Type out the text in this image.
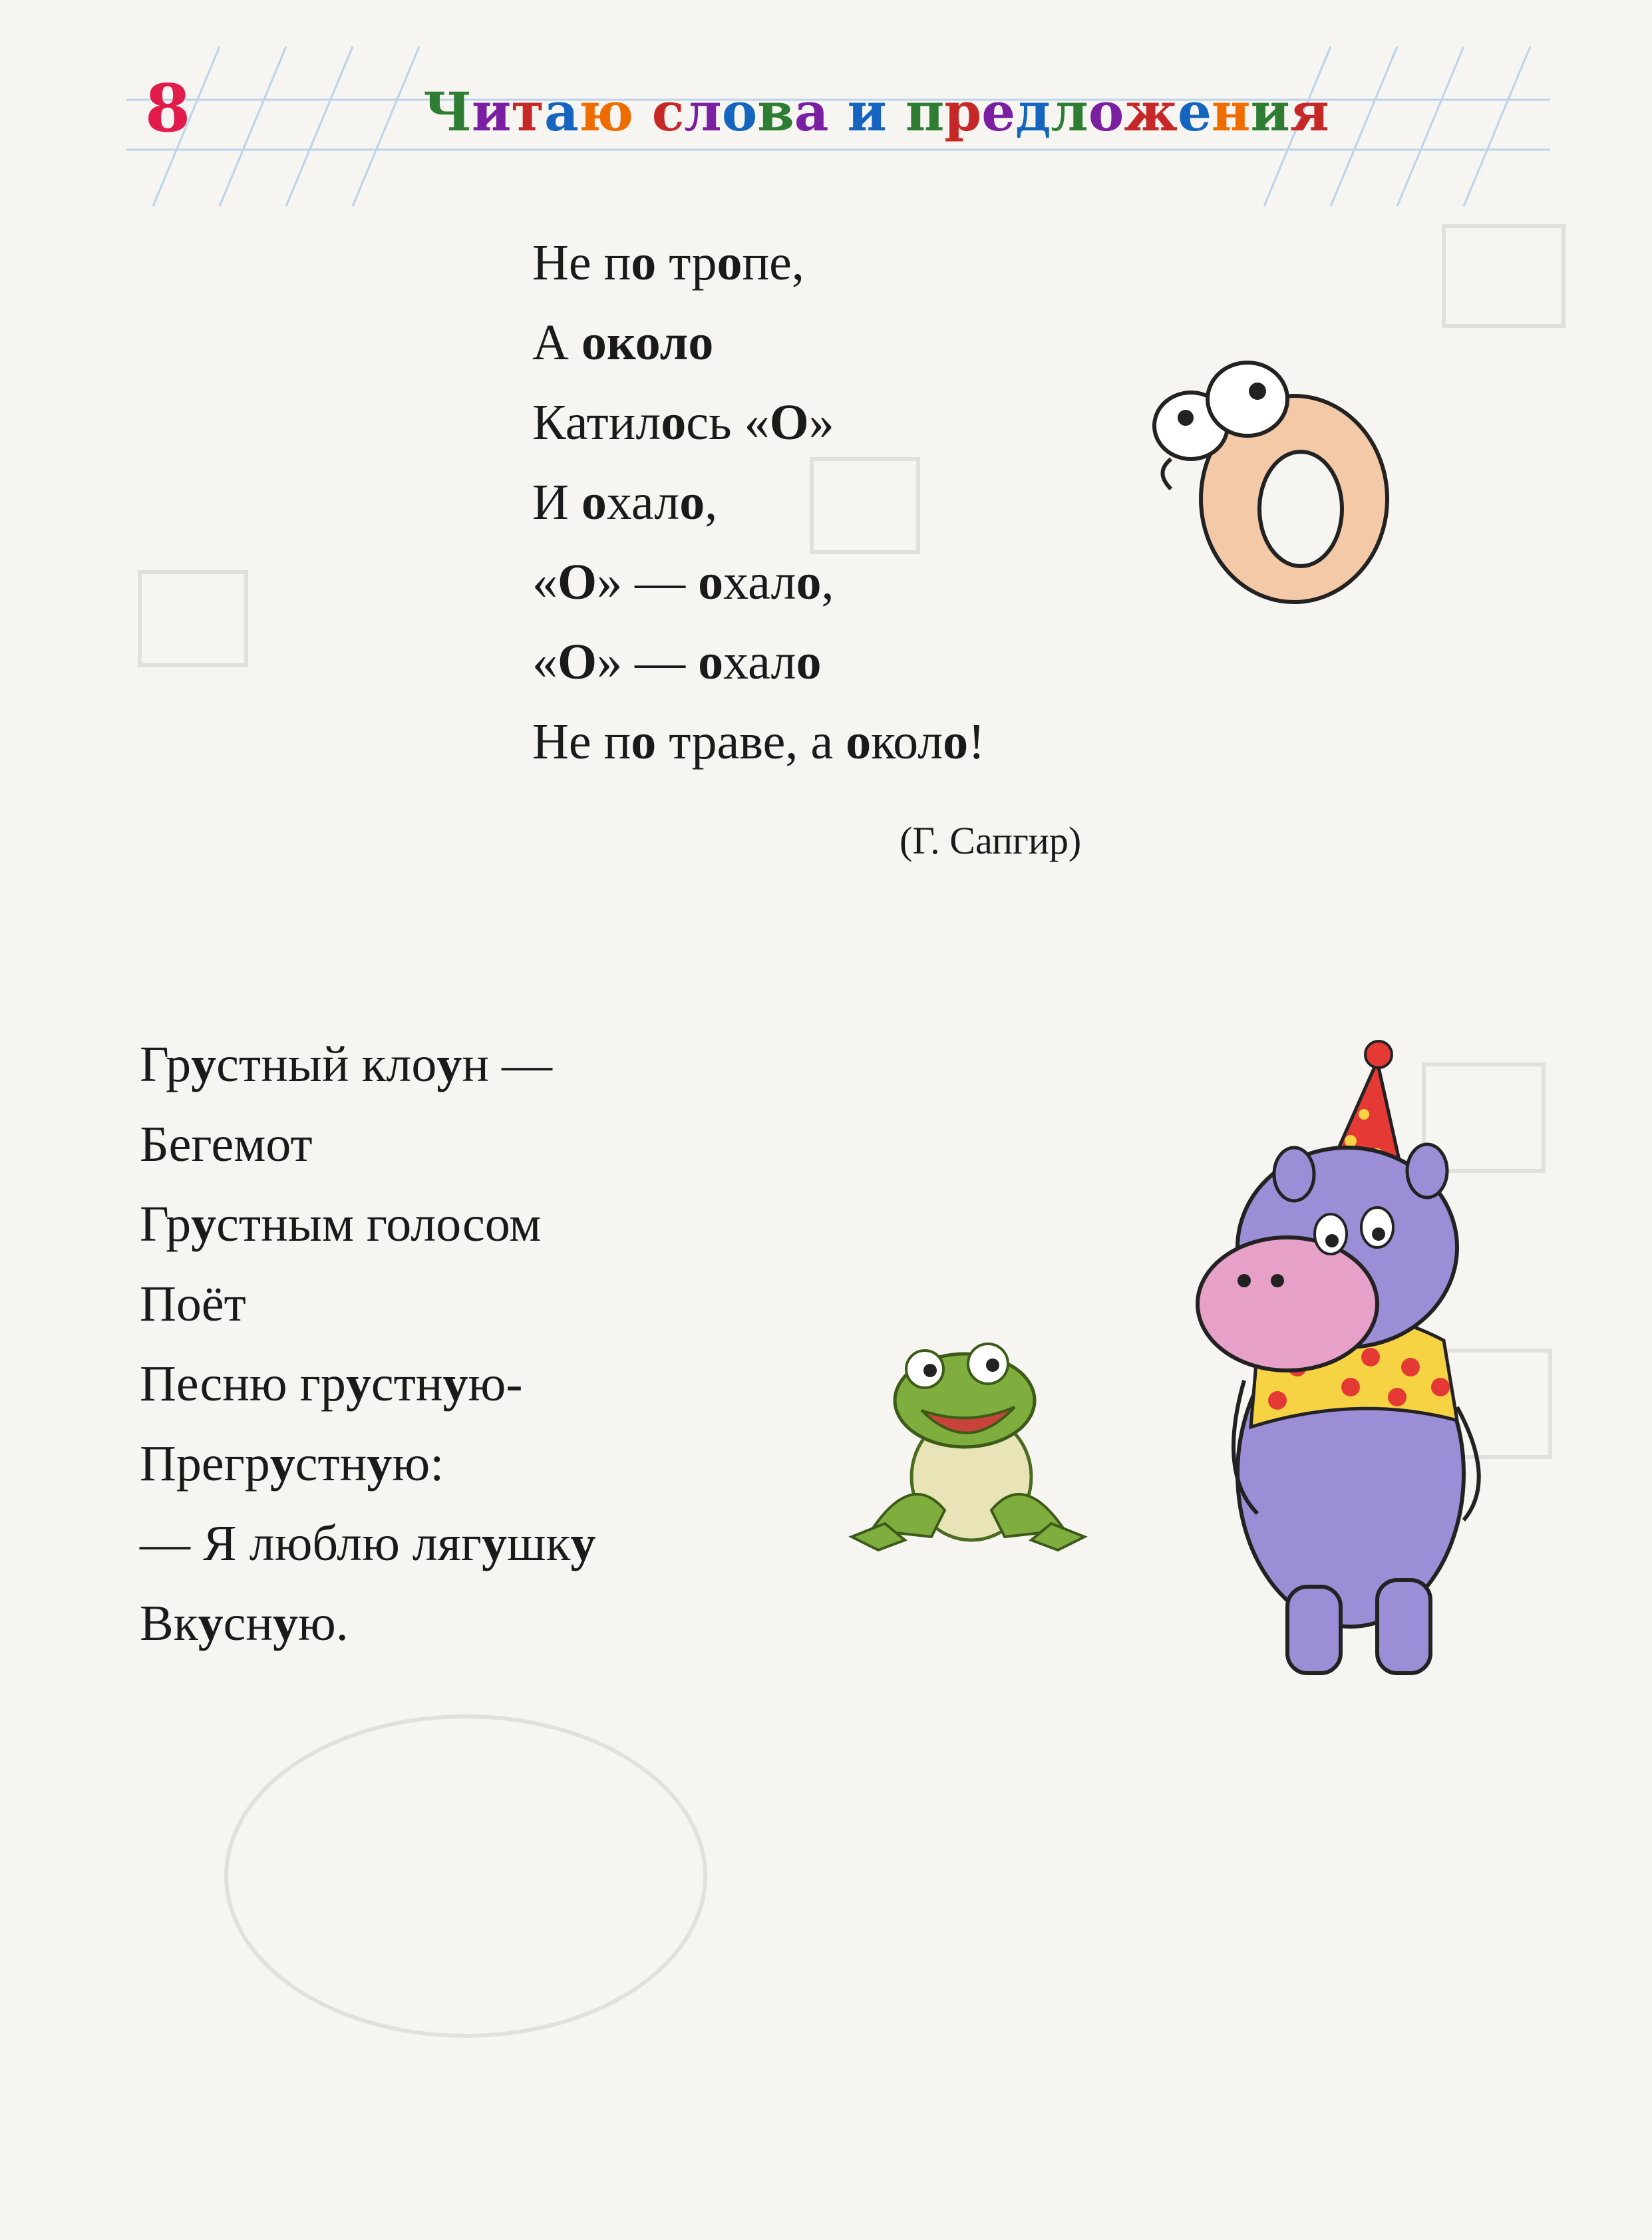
8	Читаю слова и предложения
Не по тропе,
А около
Катилось «О»
И охало,
«О» — охало,
«О» — охало
Не по траве, а около!
(Г. Сапгир)
Грустный клоун —
Бегемот
Грустным голосом
Поёт
Песню грустную-
Прегрустную:
— Я люблю лягушку
Вкусную.
